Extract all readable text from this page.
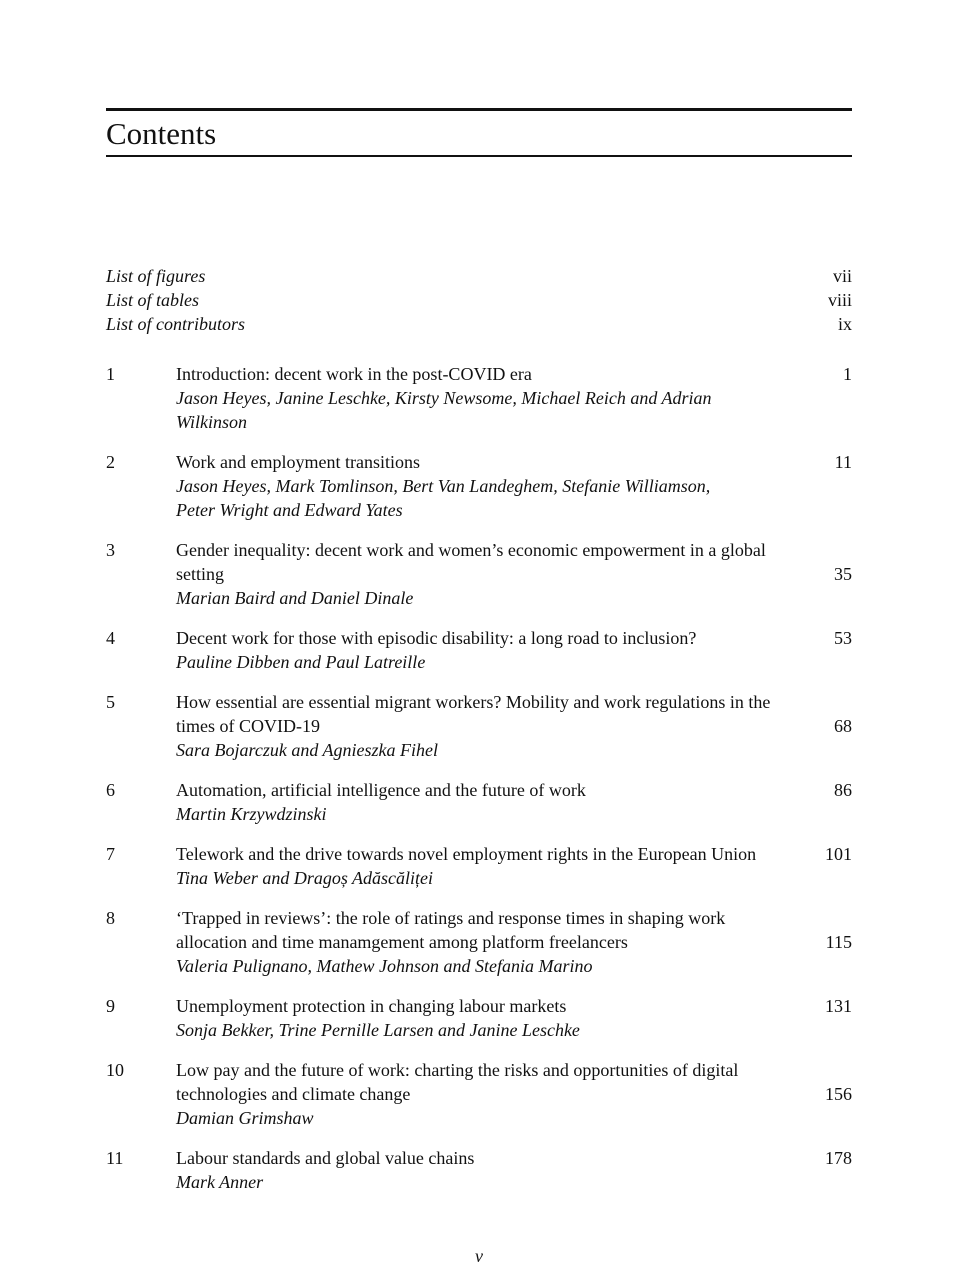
Contents
List of figures	vii
List of tables	viii
List of contributors	ix
1	Introduction: decent work in the post-COVID era	1
Jason Heyes, Janine Leschke, Kirsty Newsome, Michael Reich and Adrian Wilkinson
2	Work and employment transitions	11
Jason Heyes, Mark Tomlinson, Bert Van Landeghem, Stefanie Williamson, Peter Wright and Edward Yates
3	Gender inequality: decent work and women’s economic empowerment in a global setting	35
Marian Baird and Daniel Dinale
4	Decent work for those with episodic disability: a long road to inclusion?	53
Pauline Dibben and Paul Latreille
5	How essential are essential migrant workers? Mobility and work regulations in the times of COVID-19	68
Sara Bojarczuk and Agnieszka Fihel
6	Automation, artificial intelligence and the future of work	86
Martin Krzywdzinski
7	Telework and the drive towards novel employment rights in the European Union	101
Tina Weber and Dragoș Adăscăliței
8	‘Trapped in reviews’: the role of ratings and response times in shaping work allocation and time manamgement among platform freelancers	115
Valeria Pulignano, Mathew Johnson and Stefania Marino
9	Unemployment protection in changing labour markets	131
Sonja Bekker, Trine Pernille Larsen and Janine Leschke
10	Low pay and the future of work: charting the risks and opportunities of digital technologies and climate change	156
Damian Grimshaw
11	Labour standards and global value chains	178
Mark Anner
v
